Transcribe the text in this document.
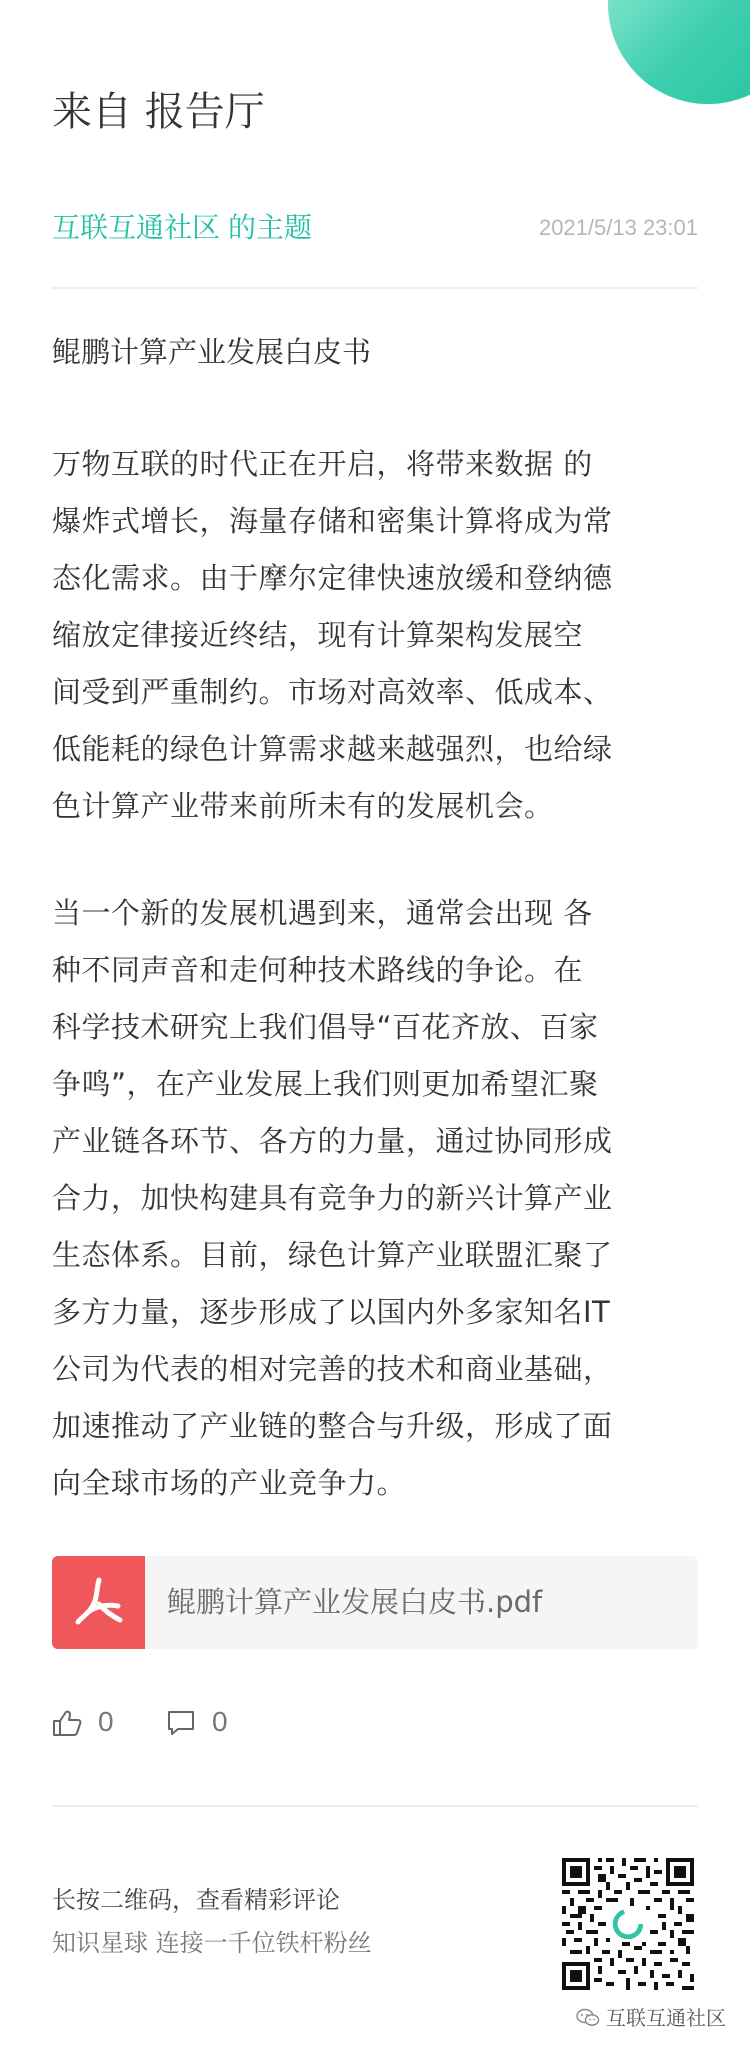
来自 报告厅
互联互通社区 的主题	2021/5/13 23:01
鲲鹏计算产业发展白皮书
万物互联的时代正在开启，将带来数据 的
爆炸式增长，海量存储和密集计算将成为常
态化需求。由于摩尔定律快速放缓和登纳德
缩放定律接近终结，现有计算架构发展空
间受到严重制约。市场对高效率、低成本、
低能耗的绿色计算需求越来越强烈，也给绿
色计算产业带来前所未有的发展机会。
当一个新的发展机遇到来，通常会出现 各
种不同声音和走何种技术路线的争论。在
科学技术研究上我们倡导“百花齐放、百家
争鸣”，在产业发展上我们则更加希望汇聚
产业链各环节、各方的力量，通过协同形成
合力，加快构建具有竞争力的新兴计算产业
生态体系。目前，绿色计算产业联盟汇聚了
多方力量，逐步形成了以国内外多家知名IT
公司为代表的相对完善的技术和商业基础，
加速推动了产业链的整合与升级，形成了面
向全球市场的产业竞争力。
鲲鹏计算产业发展白皮书.pdf
0	0
长按二维码，查看精彩评论
知识星球 连接一千位铁杆粉丝
互联互通社区
